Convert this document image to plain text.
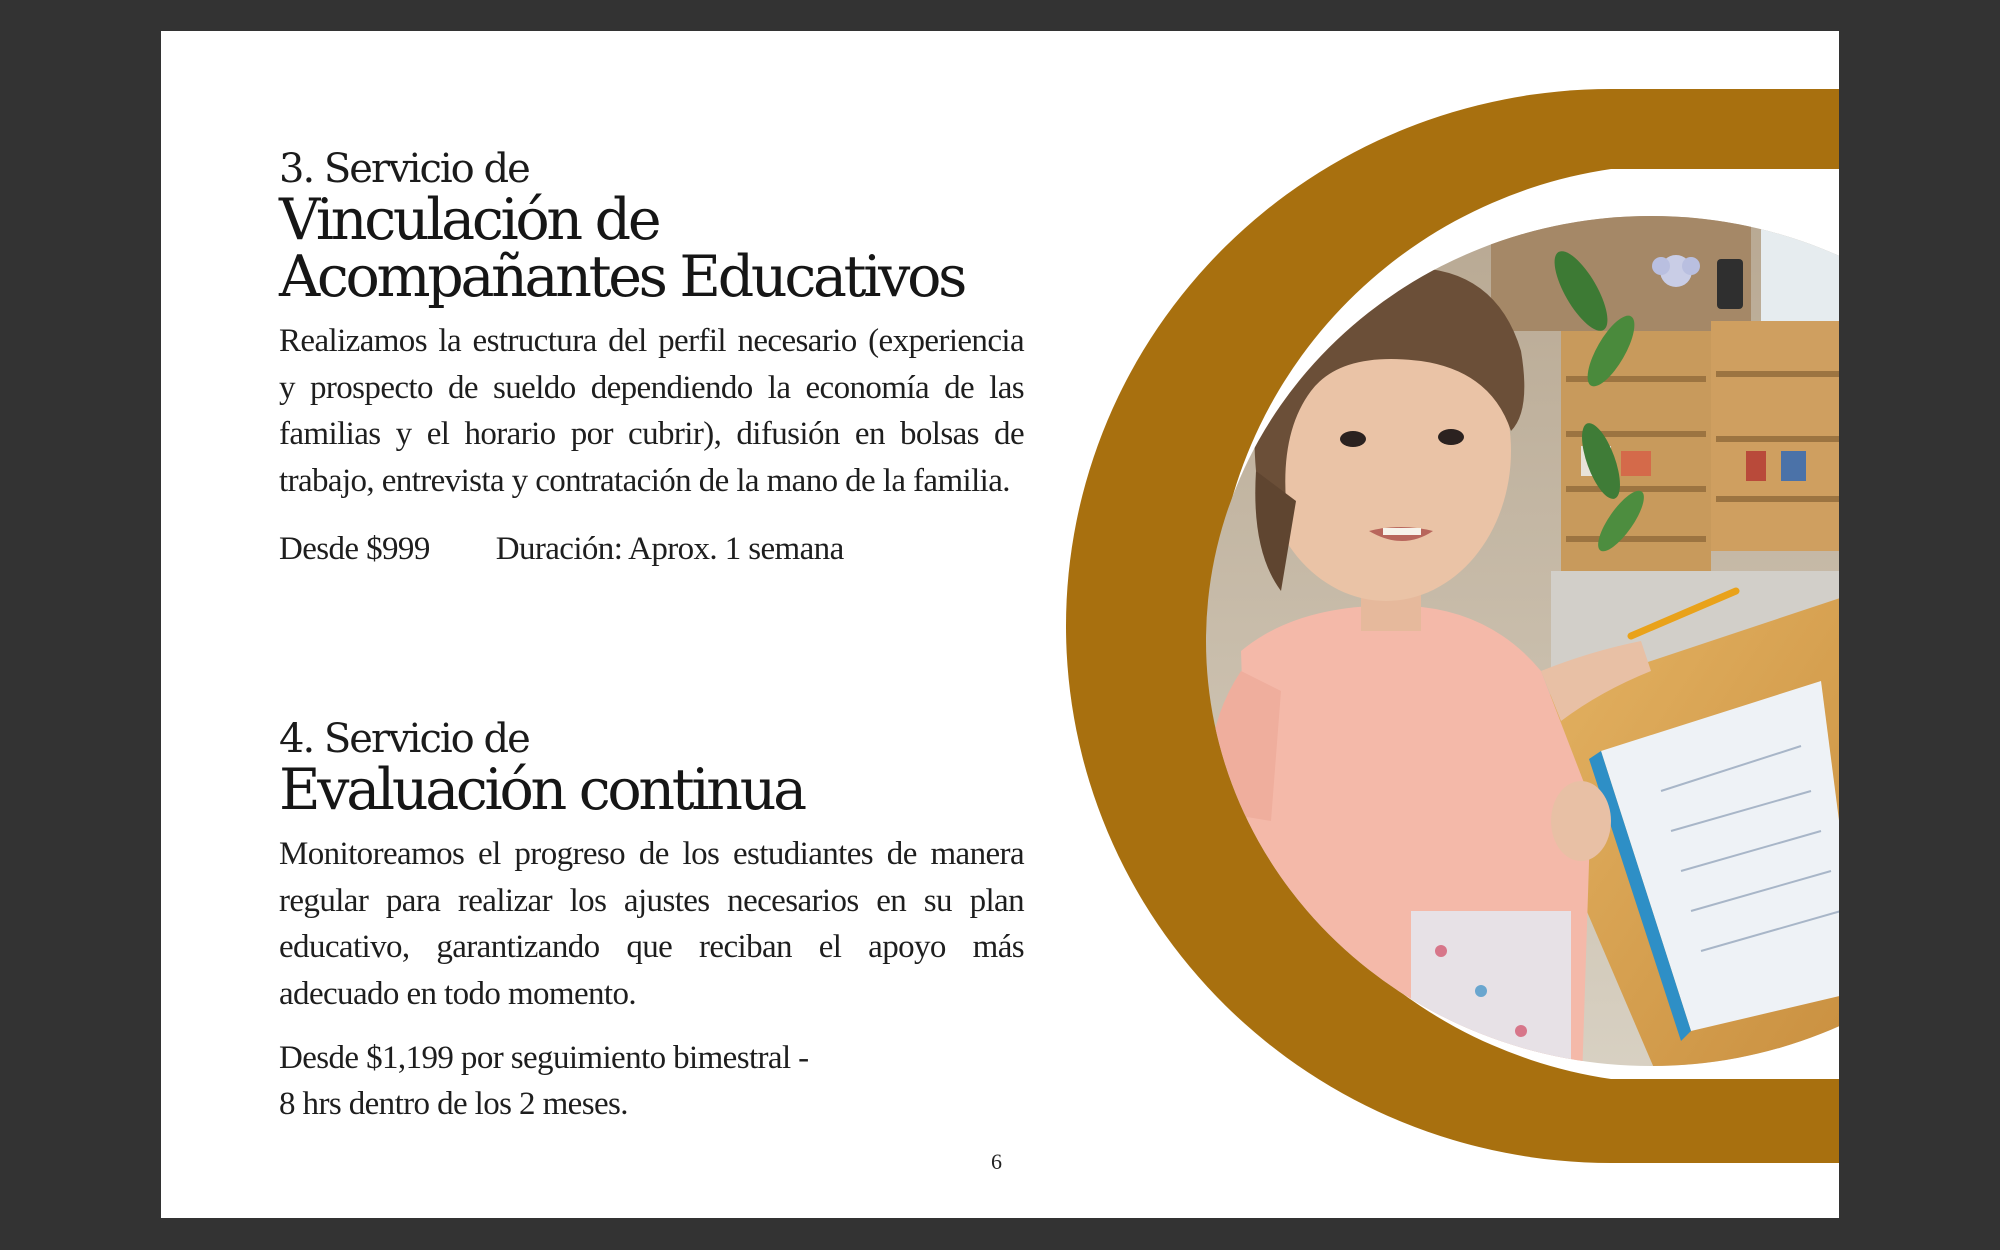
3. Servicio de

Vinculación de
Acompañantes Educativos

Realizamos la estructura del perfil necesario (experiencia y prospecto de sueldo dependiendo la economía de las familias y el horario por cubrir), difusión en bolsas de trabajo, entrevista y contratación de la mano de la familia.

Desde $999 Duración: Aprox. 1 semana

4. Servicio de

Evaluación continua

Monitoreamos el progreso de los estudiantes de manera regular para realizar los ajustes necesarios en su plan educativo, garantizando que reciban el apoyo más adecuado en todo momento.

Desde $1,199 por seguimiento bimestral -
8 hrs dentro de los 2 meses.
6
